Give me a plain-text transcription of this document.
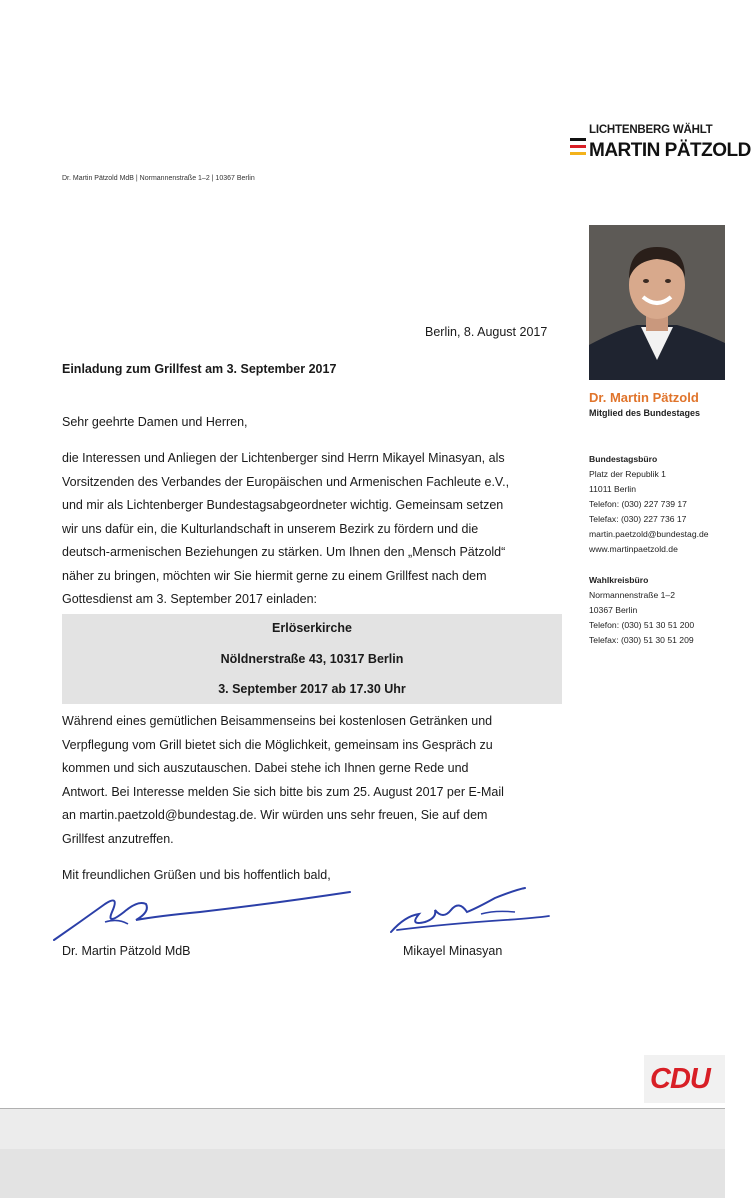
LICHTENBERG WÄHLT
MARTIN PÄTZOLD
Dr. Martin Pätzold MdB | Normannenstraße 1–2 | 10367 Berlin
Dr. Martin Pätzold
Mitglied des Bundestages
Bundestagsbüro
Platz der Republik 1
11011 Berlin
Telefon: (030) 227 739 17
Telefax: (030) 227 736 17
martin.paetzold@bundestag.de
www.martinpaetzold.de
Wahlkreisbüro
Normannenstraße 1–2
10367 Berlin
Telefon: (030) 51 30 51 200
Telefax: (030) 51 30 51 209
Berlin, 8. August 2017
Einladung zum Grillfest am 3. September 2017
Sehr geehrte Damen und Herren,
die Interessen und Anliegen der Lichtenberger sind Herrn Mikayel Minasyan, als
Vorsitzenden des Verbandes der Europäischen und Armenischen Fachleute e.V.,
und mir als Lichtenberger Bundestagsabgeordneter wichtig. Gemeinsam setzen
wir uns dafür ein, die Kulturlandschaft in unserem Bezirk zu fördern und die
deutsch-armenischen Beziehungen zu stärken. Um Ihnen den „Mensch Pätzold“
näher zu bringen, möchten wir Sie hiermit gerne zu einem Grillfest nach dem
Gottesdienst am 3. September 2017 einladen:
Erlöserkirche
Nöldnerstraße 43, 10317 Berlin
3. September 2017 ab 17.30 Uhr
Während eines gemütlichen Beisammenseins bei kostenlosen Getränken und
Verpflegung vom Grill bietet sich die Möglichkeit, gemeinsam ins Gespräch zu
kommen und sich auszutauschen. Dabei stehe ich Ihnen gerne Rede und
Antwort. Bei Interesse melden Sie sich bitte bis zum 25. August 2017 per E-Mail
an martin.paetzold@bundestag.de. Wir würden uns sehr freuen, Sie auf dem
Grillfest anzutreffen.
Mit freundlichen Grüßen und bis hoffentlich bald,
Dr. Martin Pätzold MdB	Mikayel Minasyan
CDU
